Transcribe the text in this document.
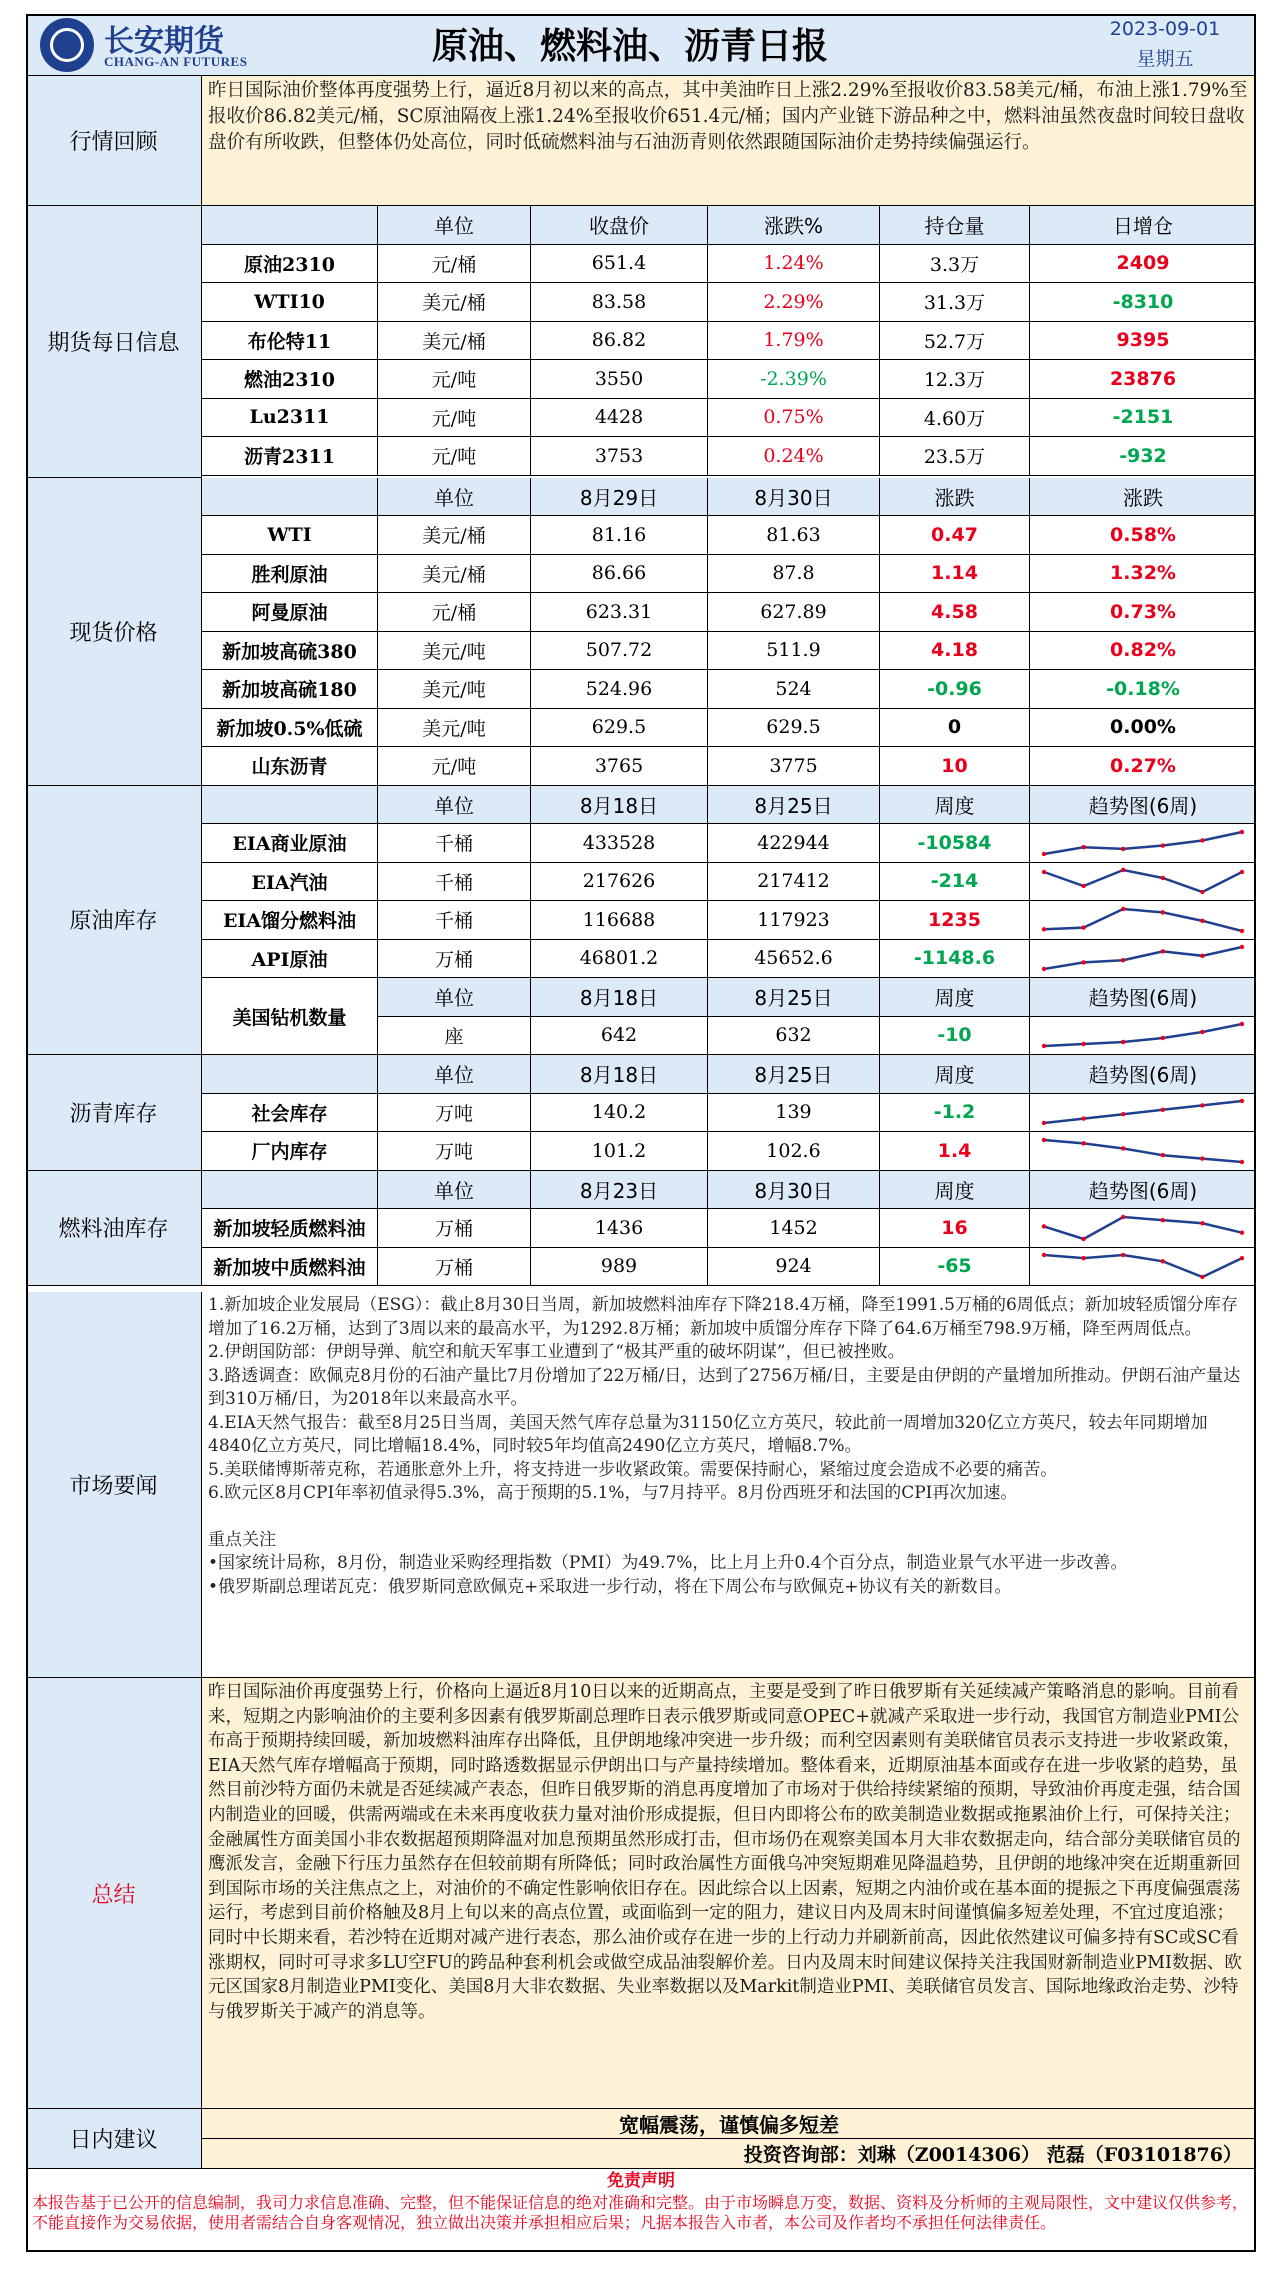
长安期货
CHANG-AN FUTURES	原油、燃料油、沥青日报	2023-09-01
星期五
行情回顾
昨日国际油价整体再度强势上行，逼近8月初以来的高点，其中美油昨日上涨2.29%至报收价83.58美元/桶，布油上涨1.79%至报收价86.82美元/桶，SC原油隔夜上涨1.24%至报收价651.4元/桶；国内产业链下游品种之中，燃料油虽然夜盘时间较日盘收盘价有所收跌，但整体仍处高位，同时低硫燃料油与石油沥青则依然跟随国际油价走势持续偏强运行。
期货每日信息
单位	收盘价	涨跌%	持仓量	日增仓
原油2310	元/桶	651.4	1.24%	3.3万	2409
WTI10	美元/桶	83.58	2.29%	31.3万	-8310
布伦特11	美元/桶	86.82	1.79%	52.7万	9395
燃油2310	元/吨	3550	-2.39%	12.3万	23876
Lu2311	元/吨	4428	0.75%	4.60万	-2151
沥青2311	元/吨	3753	0.24%	23.5万	-932
现货价格
单位	8月29日	8月30日	涨跌	涨跌
WTI	美元/桶	81.16	81.63	0.47	0.58%
胜利原油	美元/桶	86.66	87.8	1.14	1.32%
阿曼原油	元/桶	623.31	627.89	4.58	0.73%
新加坡高硫380	美元/吨	507.72	511.9	4.18	0.82%
新加坡高硫180	美元/吨	524.96	524	-0.96	-0.18%
新加坡0.5%低硫	美元/吨	629.5	629.5	0	0.00%
山东沥青	元/吨	3765	3775	10	0.27%
原油库存
单位	8月18日	8月25日	周度	趋势图(6周)
EIA商业原油	千桶	433528	422944	-10584
EIA汽油	千桶	217626	217412	-214
EIA馏分燃料油	千桶	116688	117923	1235
API原油	万桶	46801.2	45652.6	-1148.6
单位	8月18日	8月25日	周度	趋势图(6周)
座	642	632	-10
美国钻机数量
沥青库存
单位	8月18日	8月25日	周度	趋势图(6周)
社会库存	万吨	140.2	139	-1.2
厂内库存	万吨	101.2	102.6	1.4
燃料油库存
单位	8月23日	8月30日	周度	趋势图(6周)
新加坡轻质燃料油	万桶	1436	1452	16
新加坡中质燃料油	万桶	989	924	-65
市场要闻

1.新加坡企业发展局（ESG）：截止8月30日当周，新加坡燃料油库存下降218.4万桶，降至1991.5万桶的6周低点；新加坡轻质馏分库存增加了16.2万桶，达到了3周以来的最高水平，为1292.8万桶；新加坡中质馏分库存下降了64.6万桶至798.9万桶，降至两周低点。

2.伊朗国防部：伊朗导弹、航空和航天军事工业遭到了“极其严重的破坏阴谋”，但已被挫败。

3.路透调查：欧佩克8月份的石油产量比7月份增加了22万桶/日，达到了2756万桶/日，主要是由伊朗的产量增加所推动。伊朗石油产量达到310万桶/日，为2018年以来最高水平。

4.EIA天然气报告：截至8月25日当周，美国天然气库存总量为31150亿立方英尺，较此前一周增加320亿立方英尺，较去年同期增加4840亿立方英尺，同比增幅18.4%，同时较5年均值高2490亿立方英尺，增幅8.7%。

5.美联储博斯蒂克称，若通胀意外上升，将支持进一步收紧政策。需要保持耐心，紧缩过度会造成不必要的痛苦。

6.欧元区8月CPI年率初值录得5.3%，高于预期的5.1%，与7月持平。8月份西班牙和法国的CPI再次加速。

重点关注

•国家统计局称，8月份，制造业采购经理指数（PMI）为49.7%，比上月上升0.4个百分点，制造业景气水平进一步改善。

•俄罗斯副总理诺瓦克：俄罗斯同意欧佩克+采取进一步行动，将在下周公布与欧佩克+协议有关的新数目。

总结
昨日国际油价再度强势上行，价格向上逼近8月10日以来的近期高点，主要是受到了昨日俄罗斯有关延续减产策略消息的影响。目前看来，短期之内影响油价的主要利多因素有俄罗斯副总理昨日表示俄罗斯或同意OPEC+就减产采取进一步行动，我国官方制造业PMI公布高于预期持续回暖，新加坡燃料油库存出降低，且伊朗地缘冲突进一步升级；而利空因素则有美联储官员表示支持进一步收紧政策，EIA天然气库存增幅高于预期，同时路透数据显示伊朗出口与产量持续增加。整体看来，近期原油基本面或存在进一步收紧的趋势，虽然目前沙特方面仍未就是否延续减产表态，但昨日俄罗斯的消息再度增加了市场对于供给持续紧缩的预期，导致油价再度走强，结合国内制造业的回暖，供需两端或在未来再度收获力量对油价形成提振，但日内即将公布的欧美制造业数据或拖累油价上行，可保持关注；金融属性方面美国小非农数据超预期降温对加息预期虽然形成打击，但市场仍在观察美国本月大非农数据走向，结合部分美联储官员的鹰派发言，金融下行压力虽然存在但较前期有所降低；同时政治属性方面俄乌冲突短期难见降温趋势，且伊朗的地缘冲突在近期重新回到国际市场的关注焦点之上，对油价的不确定性影响依旧存在。因此综合以上因素，短期之内油价或在基本面的提振之下再度偏强震荡运行，考虑到目前价格触及8月上旬以来的高点位置，或面临到一定的阻力，建议日内及周末时间谨慎偏多短差处理，不宜过度追涨；同时中长期来看，若沙特在近期对减产进行表态，那么油价或存在进一步的上行动力并刷新前高，因此依然建议可偏多持有SC或SC看涨期权，同时可寻求多LU空FU的跨品种套利机会或做空成品油裂解价差。日内及周末时间建议保持关注我国财新制造业PMI数据、欧元区国家8月制造业PMI变化、美国8月大非农数据、失业率数据以及Markit制造业PMI、美联储官员发言、国际地缘政治走势、沙特与俄罗斯关于减产的消息等。
日内建议
宽幅震荡，谨慎偏多短差
投资咨询部：刘琳（Z0014306） 范磊（F03101876）
免责声明
本报告基于已公开的信息编制，我司力求信息准确、完整，但不能保证信息的绝对准确和完整。由于市场瞬息万变，数据、资料及分析师的主观局限性，文中建议仅供参考，不能直接作为交易依据，使用者需结合自身客观情况，独立做出决策并承担相应后果；凡据本报告入市者，本公司及作者均不承担任何法律责任。
